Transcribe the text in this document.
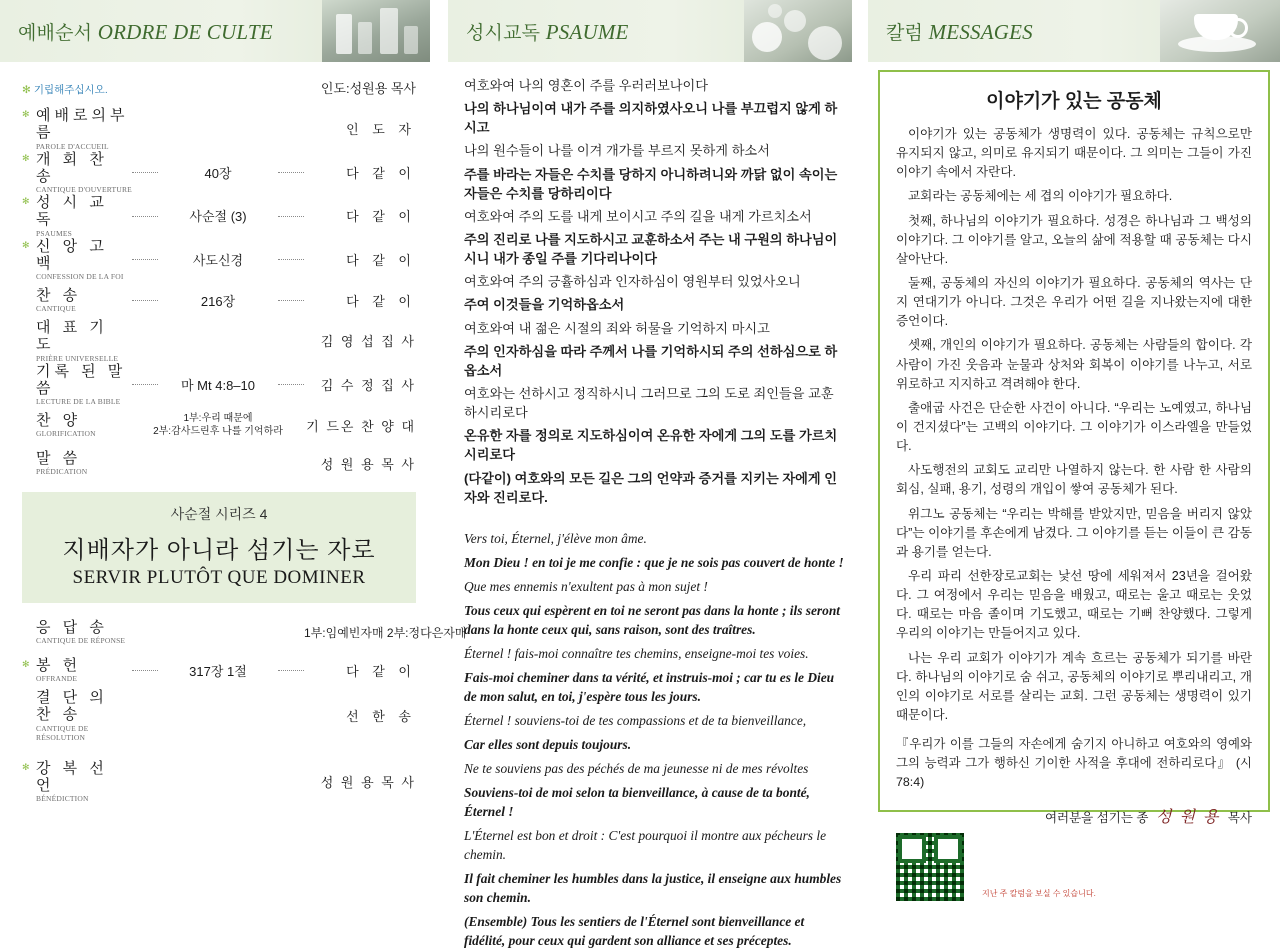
예배순서 ORDRE DE CULTE
✻ 기립해주십시오.	인도:성원용 목사
✻ 예배로의부름
PAROLE D'ACCUEIL
인 도 자
✻ 개 회 찬 송
CANTIQUE D'OUVERTURE
40장	다 같 이
✻ 성 시 교 독
PSAUMES
사순절 (3)	다 같 이
✻ 신 앙 고 백
CONFESSION DE LA FOI
사도신경	다 같 이
찬 송
CANTIQUE
216장	다 같 이
대 표 기 도
PRIÈRE UNIVERSELLE
김 영 섭 집 사
기록 된 말씀
LECTURE DE LA BIBLE
마 Mt 4:8–10	김 수 정 집 사
찬 양
GLORIFICATION
1부:우리 때문에
2부:감사드린후 나를 기억하라	기 드온 찬 양 대
말 씀
PRÉDICATION
성 원 용 목 사
사순절 시리즈 4
지배자가 아니라 섬기는 자로
SERVIR PLUTÔT QUE DOMINER
응 답 송
CANTIQUE DE RÉPONSE
1부:임예빈자매 2부:정다은자매
✻ 봉 헌
OFFRANDE
317장 1절	다 같 이
결 단 의 찬 송
CANTIQUE DE RÉSOLUTION
선 한 송
✻ 강 복 선 언
BÉNÉDICTION
성 원 용 목 사
성시교독 PSAUME

여호와여 나의 영혼이 주를 우러러보나이다

나의 하나님이여 내가 주를 의지하였사오니 나를 부끄럽지 않게 하시고

나의 원수들이 나를 이겨 개가를 부르지 못하게 하소서

주를 바라는 자들은 수치를 당하지 아니하려니와 까닭 없이 속이는 자들은 수치를 당하리이다

여호와여 주의 도를 내게 보이시고 주의 길을 내게 가르치소서

주의 진리로 나를 지도하시고 교훈하소서 주는 내 구원의 하나님이시니 내가 종일 주를 기다리나이다

여호와여 주의 긍휼하심과 인자하심이 영원부터 있었사오니

주여 이것들을 기억하옵소서

여호와여 내 젊은 시절의 죄와 허물을 기억하지 마시고

주의 인자하심을 따라 주께서 나를 기억하시되 주의 선하심으로 하옵소서

여호와는 선하시고 정직하시니 그러므로 그의 도로 죄인들을 교훈하시리로다

온유한 자를 정의로 지도하심이여 온유한 자에게 그의 도를 가르치시리로다

(다같이) 여호와의 모든 길은 그의 언약과 증거를 지키는 자에게 인자와 진리로다.

Vers toi, Éternel, j'élève mon âme.

Mon Dieu ! en toi je me confie : que je ne sois pas couvert de honte !

Que mes ennemis n'exultent pas à mon sujet !

Tous ceux qui espèrent en toi ne seront pas dans la honte ; ils seront dans la honte ceux qui, sans raison, sont des traîtres.

Éternel ! fais-moi connaître tes chemins, enseigne-moi tes voies.

Fais-moi cheminer dans ta vérité, et instruis-moi ; car tu es le Dieu de mon salut, en toi, j'espère tous les jours.

Éternel ! souviens-toi de tes compassions et de ta bienveillance,

Car elles sont depuis toujours.

Ne te souviens pas des péchés de ma jeunesse ni de mes révoltes

Souviens-toi de moi selon ta bienveillance, à cause de ta bonté, Éternel !

L'Éternel est bon et droit : C'est pourquoi il montre aux pécheurs le chemin.

Il fait cheminer les humbles dans la justice, il enseigne aux humbles son chemin.

(Ensemble) Tous les sentiers de l'Éternel sont bienveillance et fidélité, pour ceux qui gardent son alliance et ses préceptes.

칼럼 MESSAGES
이야기가 있는 공동체

이야기가 있는 공동체가 생명력이 있다. 공동체는 규칙으로만 유지되지 않고, 의미로 유지되기 때문이다. 그 의미는 그들이 가진 이야기 속에서 자란다.

교회라는 공동체에는 세 겹의 이야기가 필요하다.

첫째, 하나님의 이야기가 필요하다. 성경은 하나님과 그 백성의 이야기다. 그 이야기를 알고, 오늘의 삶에 적용할 때 공동체는 다시 살아난다.

둘째, 공동체의 자신의 이야기가 필요하다. 공동체의 역사는 단지 연대기가 아니다. 그것은 우리가 어떤 길을 지나왔는지에 대한 증언이다.

셋째, 개인의 이야기가 필요하다. 공동체는 사람들의 합이다. 각 사람이 가진 웃음과 눈물과 상처와 회복이 이야기를 나누고, 서로 위로하고 지지하고 격려해야 한다.

출애굽 사건은 단순한 사건이 아니다. “우리는 노예였고, 하나님이 건지셨다”는 고백의 이야기다. 그 이야기가 이스라엘을 만들었다.

사도행전의 교회도 교리만 나열하지 않는다. 한 사람 한 사람의 회심, 실패, 용기, 성령의 개입이 쌓여 공동체가 된다.

위그노 공동체는 “우리는 박해를 받았지만, 믿음을 버리지 않았다”는 이야기를 후손에게 남겼다. 그 이야기를 듣는 이들이 큰 감동과 용기를 얻는다.

우리 파리 선한장로교회는 낯선 땅에 세워져서 23년을 걸어왔다. 그 여정에서 우리는 믿음을 배웠고, 때로는 울고 때로는 웃었다. 때로는 마음 졸이며 기도했고, 때로는 기뻐 찬양했다. 그렇게 우리의 이야기는 만들어지고 있다.

나는 우리 교회가 이야기가 계속 흐르는 공동체가 되기를 바란다. 하나님의 이야기로 숨 쉬고, 공동체의 이야기로 뿌리내리고, 개인의 이야기로 서로를 살리는 교회. 그런 공동체는 생명력이 있기 때문이다.

『우리가 이를 그들의 자손에게 숨기지 아니하고 여호와의 영예와 그의 능력과 그가 행하신 기이한 사적을 후대에 전하리로다』 (시 78:4)

여러분을 섬기는 종 성 원 용 목사
지난 주 칼럼을 보실 수 있습니다.
